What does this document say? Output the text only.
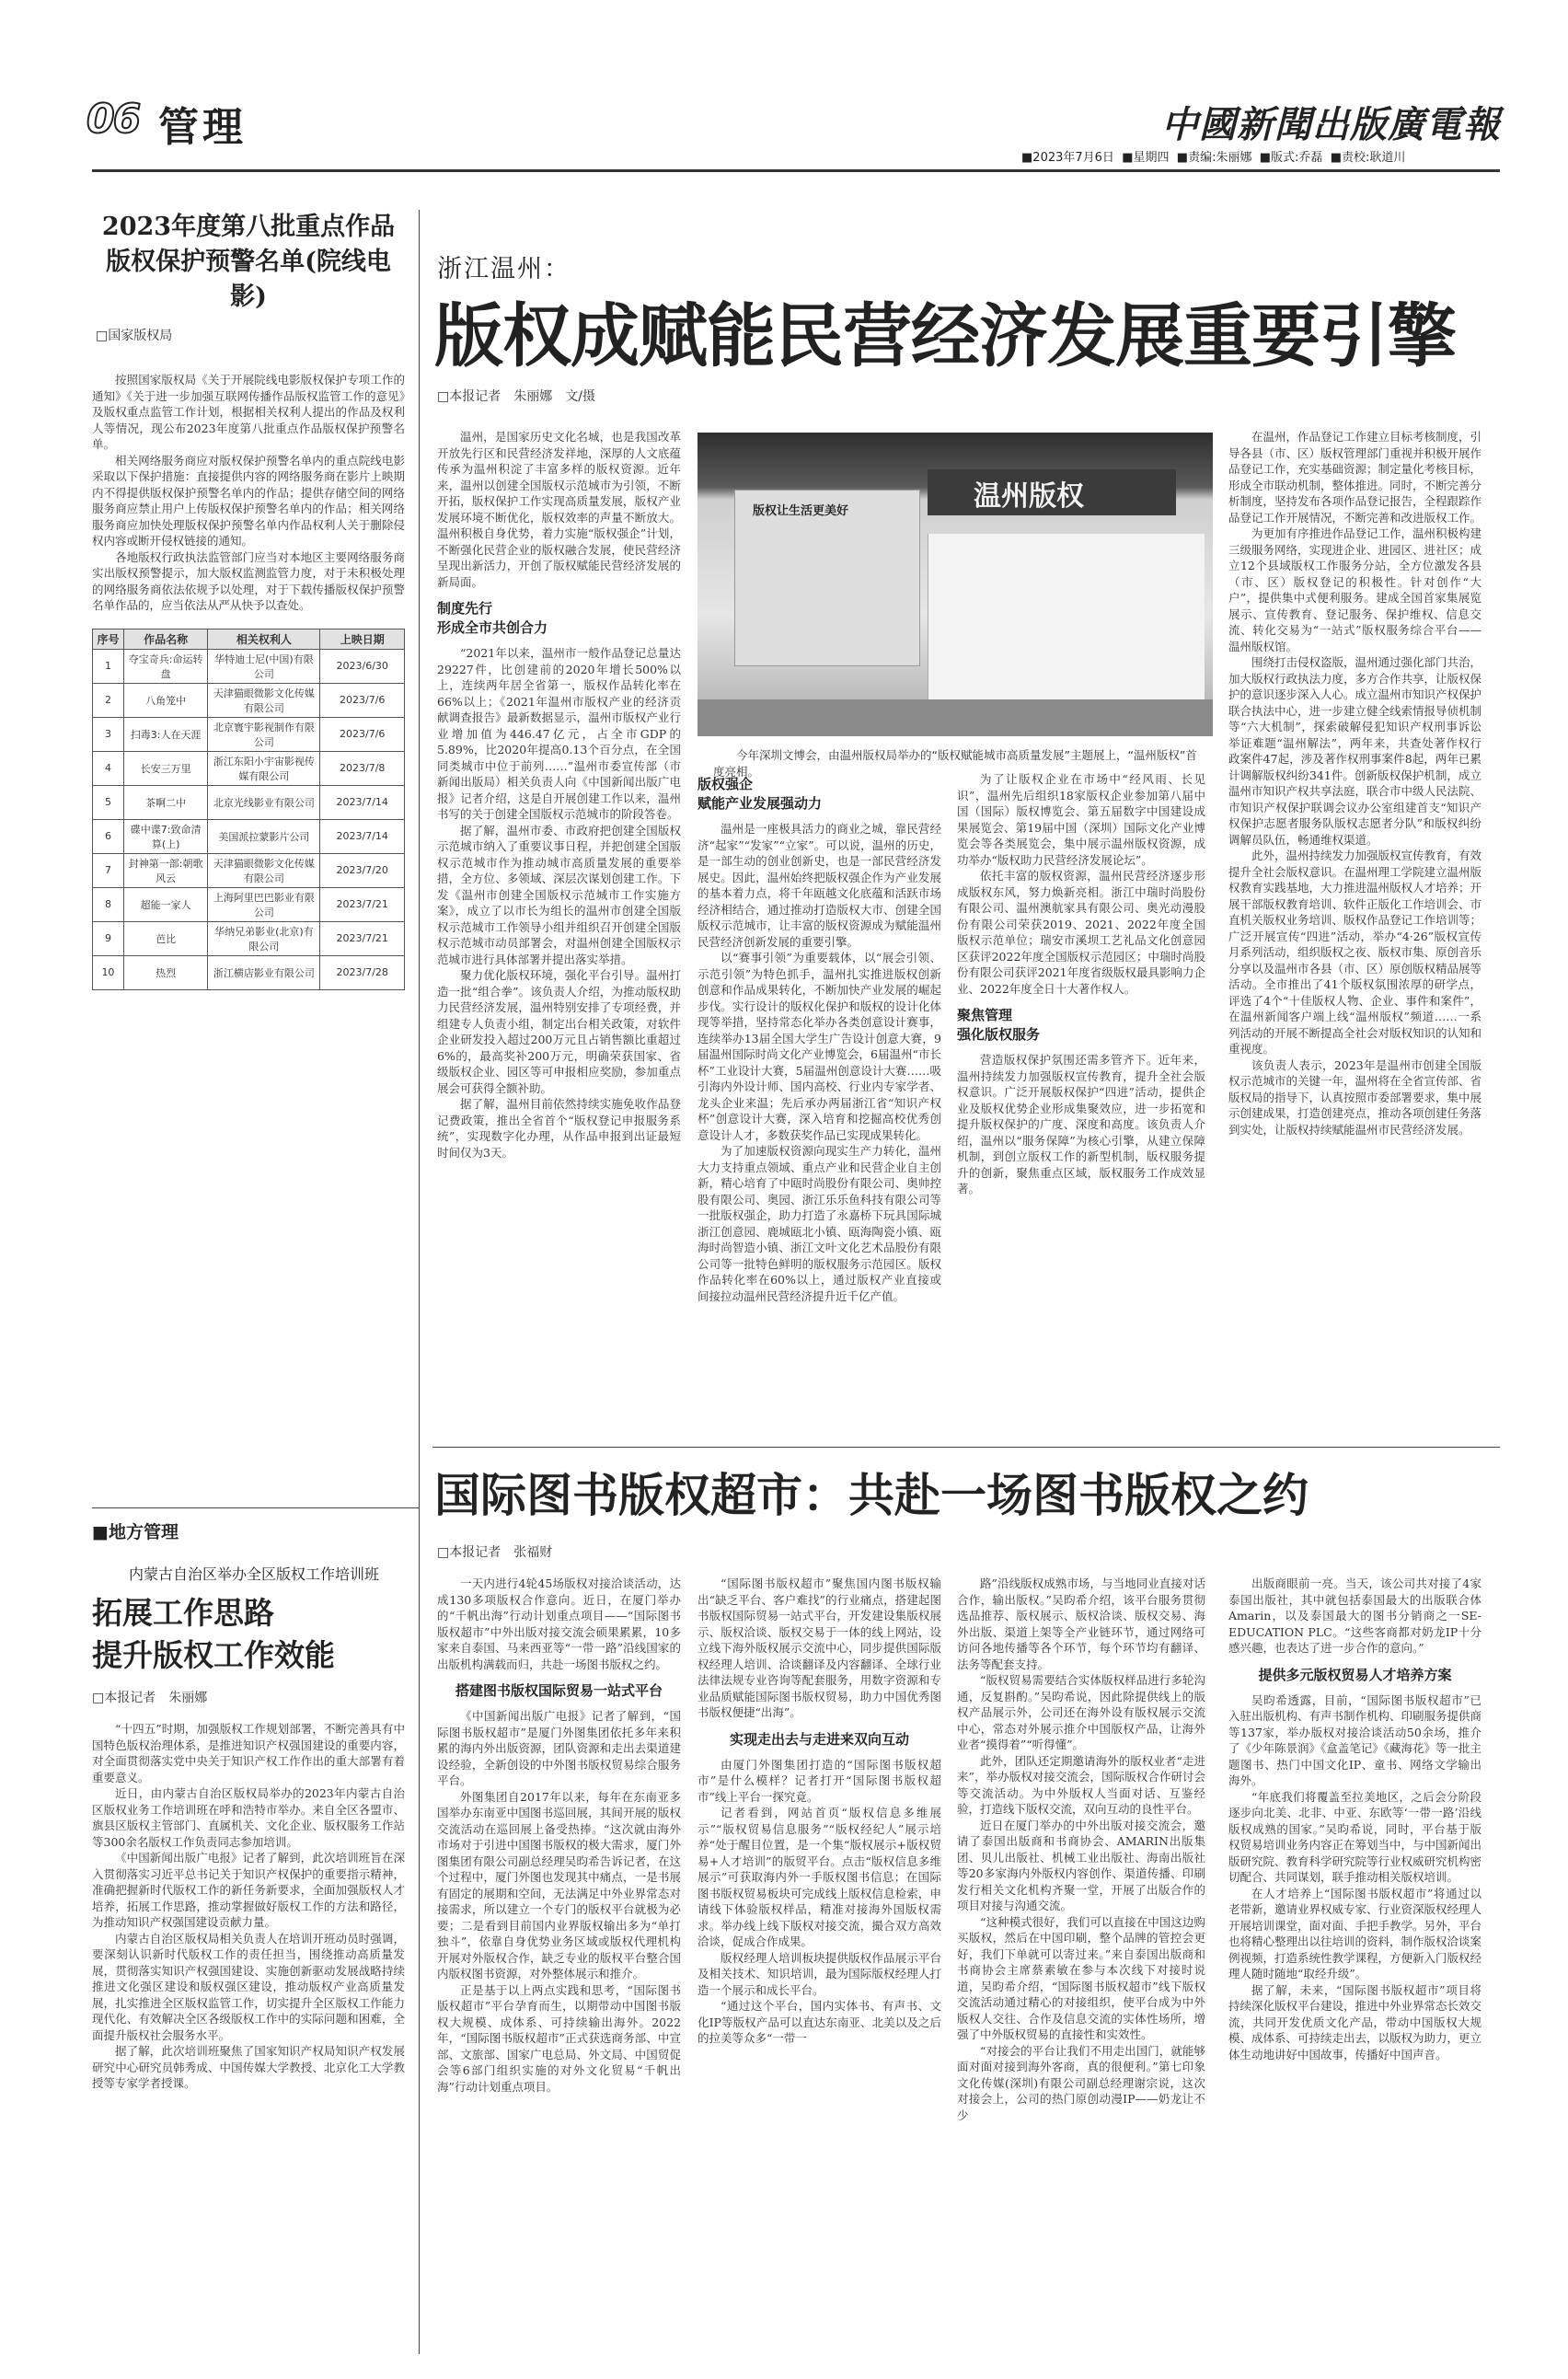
06 管理	中國新聞出版廣電報
■2023年7月6日 ■星期四 ■责编:朱丽娜 ■版式:乔磊 ■责校:耿道川
2023年度第八批重点作品
版权保护预警名单(院线电影)
□国家版权局

按照国家版权局《关于开展院线电影版权保护专项工作的通知》《关于进一步加强互联网传播作品版权监管工作的意见》及版权重点监管工作计划，根据相关权利人提出的作品及权利人等情况，现公布2023年度第八批重点作品版权保护预警名单。

相关网络服务商应对版权保护预警名单内的重点院线电影采取以下保护措施：直接提供内容的网络服务商在影片上映期内不得提供版权保护预警名单内的作品；提供存储空间的网络服务商应禁止用户上传版权保护预警名单内的作品；相关网络服务商应加快处理版权保护预警名单内作品权利人关于删除侵权内容或断开侵权链接的通知。

各地版权行政执法监管部门应当对本地区主要网络服务商实出版权预警提示，加大版权监测监管力度，对于未积极处理的网络服务商依法依规予以处理，对于下载传播版权保护预警名单作品的，应当依法从严从快予以查处。

序号	作品名称	相关权利人	上映日期
1	夺宝奇兵:命运转盘	华特迪士尼(中国)有限公司	2023/6/30
2	八角笼中	天津猫眼微影文化传媒有限公司	2023/7/6
3	扫毒3:人在天涯	北京寰宇影视制作有限公司	2023/7/6
4	长安三万里	浙江东阳小宇宙影视传媒有限公司	2023/7/8
5	茶啊二中	北京光线影业有限公司	2023/7/14
6	碟中谍7:致命清算(上)	美国派拉蒙影片公司	2023/7/14
7	封神第一部:朝歌风云	天津猫眼微影文化传媒有限公司	2023/7/20
8	超能一家人	上海阿里巴巴影业有限公司	2023/7/21
9	芭比	华纳兄弟影业(北京)有限公司	2023/7/21
10	热烈	浙江横店影业有限公司	2023/7/28
■地方管理
内蒙古自治区举办全区版权工作培训班
拓展工作思路
提升版权工作效能
□本报记者　朱丽娜

“十四五”时期，加强版权工作规划部署，不断完善具有中国特色版权治理体系，是推进知识产权强国建设的重要内容，对全面贯彻落实党中央关于知识产权工作作出的重大部署有着重要意义。

近日，由内蒙古自治区版权局举办的2023年内蒙古自治区版权业务工作培训班在呼和浩特市举办。来自全区各盟市、旗县区版权主管部门、直属机关、文化企业、版权服务工作站等300余名版权工作负责同志参加培训。

《中国新闻出版广电报》记者了解到，此次培训班旨在深入贯彻落实习近平总书记关于知识产权保护的重要指示精神，准确把握新时代版权工作的新任务新要求，全面加强版权人才培养，拓展工作思路，推动掌握做好版权工作的方法和路径，为推动知识产权强国建设贡献力量。

内蒙古自治区版权局相关负责人在培训开班动员时强调，要深刻认识新时代版权工作的责任担当，围绕推动高质量发展，贯彻落实知识产权强国建设、实施创新驱动发展战略持续推进文化强区建设和版权强区建设，推动版权产业高质量发展，扎实推进全区版权监管工作，切实提升全区版权工作能力现代化、有效解决全区各级版权工作中的实际问题和困难，全面提升版权社会服务水平。

据了解，此次培训班聚焦了国家知识产权局知识产权发展研究中心研究员韩秀成、中国传媒大学教授、北京化工大学教授等专家学者授课。

浙江温州：
版权成赋能民营经济发展重要引擎
□本报记者　朱丽娜　文/摄

温州，是国家历史文化名城，也是我国改革开放先行区和民营经济发祥地，深厚的人文底蕴传承为温州积淀了丰富多样的版权资源。近年来，温州以创建全国版权示范城市为引领，不断开拓，版权保护工作实现高质量发展，版权产业发展环境不断优化，版权效率的声量不断放大。温州积极自身优势，着力实施“版权强企”计划，不断强化民营企业的版权融合发展，使民营经济呈现出新活力，开创了版权赋能民营经济发展的新局面。

制度先行
形成全市共创合力

“2021年以来，温州市一般作品登记总量达29227件，比创建前的2020年增长500%以上，连续两年居全省第一，版权作品转化率在66%以上；《2021年温州市版权产业的经济贡献调查报告》最新数据显示，温州市版权产业行业增加值为446.47亿元，占全市GDP的5.89%，比2020年提高0.13个百分点，在全国同类城市中位于前列……”温州市委宣传部（市新闻出版局）相关负责人向《中国新闻出版广电报》记者介绍，这是自开展创建工作以来，温州书写的关于创建全国版权示范城市的阶段答卷。

据了解，温州市委、市政府把创建全国版权示范城市纳入了重要议事日程，并把创建全国版权示范城市作为推动城市高质量发展的重要举措，全方位、多领域、深层次谋划创建工作。下发《温州市创建全国版权示范城市工作实施方案》，成立了以市长为组长的温州市创建全国版权示范城市工作领导小组并组织召开创建全国版权示范城市动员部署会，对温州创建全国版权示范城市进行具体部署并提出落实举措。

聚力优化版权环境，强化平台引导。温州打造一批“组合拳”。该负责人介绍，为推动版权助力民营经济发展，温州特别安排了专项经费，并组建专人负责小组，制定出台相关政策，对软件企业研发投入超过200万元且占销售额比重超过6%的，最高奖补200万元，明确荣获国家、省级版权企业、园区等可申报相应奖励，参加重点展会可获得全额补助。

据了解，温州目前依然持续实施免收作品登记费政策，推出全省首个“版权登记申报服务系统”，实现数字化办理，从作品申报到出证最短时间仅为3天。

版权让生活更美好	温州版权
今年深圳文博会，由温州版权局举办的“版权赋能城市高质量发展”主题展上，“温州版权”首度亮相。
版权强企
赋能产业发展强动力

温州是一座极具活力的商业之城，靠民营经济“起家”“发家”“立家”。可以说，温州的历史，是一部生动的创业创新史，也是一部民营经济发展史。因此，温州始终把版权强企作为产业发展的基本着力点，将千年瓯越文化底蕴和活跃市场经济相结合，通过推动打造版权大市、创建全国版权示范城市，让丰富的版权资源成为赋能温州民营经济创新发展的重要引擎。

以“赛事引领”为重要载体，以“展会引领、示范引领”为特色抓手，温州扎实推进版权创新创意和作品成果转化，不断加快产业发展的崛起步伐。实行设计的版权化保护和版权的设计化体现等举措，坚持常态化举办各类创意设计赛事，连续举办13届全国大学生广告设计创意大赛，9届温州国际时尚文化产业博览会，6届温州“市长杯”工业设计大赛，5届温州创意设计大赛……吸引海内外设计师、国内高校、行业内专家学者、龙头企业来温；先后承办两届浙江省“知识产权杯”创意设计大赛，深入培育和挖掘高校优秀创意设计人才，多数获奖作品已实现成果转化。

为了加速版权资源向现实生产力转化，温州大力支持重点领域、重点产业和民营企业自主创新，精心培育了中瓯时尚股份有限公司、奥帅控股有限公司、奥园、浙江乐乐鱼科技有限公司等一批版权强企，助力打造了永嘉桥下玩具国际城浙江创意园、鹿城瓯北小镇、瓯海陶瓷小镇、瓯海时尚智造小镇、浙江文叶文化艺术品股份有限公司等一批特色鲜明的版权服务示范园区。版权作品转化率在60%以上，通过版权产业直接或间接拉动温州民营经济提升近千亿产值。

为了让版权企业在市场中“经风雨、长见识”，温州先后组织18家版权企业参加第八届中国（国际）版权博览会、第五届数字中国建设成果展览会、第19届中国（深圳）国际文化产业博览会等各类展览会，集中展示温州版权资源，成功举办“版权助力民营经济发展论坛”。

依托丰富的版权资源，温州民营经济逐步形成版权东风，努力焕新亮相。浙江中瑞时尚股份有限公司、温州澳航家具有限公司、奥光动漫股份有限公司荣获2019、2021、2022年度全国版权示范单位；瑞安市溪坝工艺礼品文化创意园区获评2022年度全国版权示范园区；中瑞时尚股份有限公司获评2021年度省级版权最具影响力企业、2022年度全日十大著作权人。

聚焦管理
强化版权服务

营造版权保护氛围还需多管齐下。近年来，温州持续发力加强版权宣传教育，提升全社会版权意识。广泛开展版权保护“四进”活动，提供企业及版权优势企业形成集聚效应，进一步拓宽和提升版权保护的广度、深度和高度。该负责人介绍，温州以“服务保障”为核心引擎，从建立保障机制，到创立版权工作的新型机制，版权服务提升的创新，聚焦重点区域，版权服务工作成效显著。

在温州，作品登记工作建立目标考核制度，引导各县（市、区）版权管理部门重视并积极开展作品登记工作，充实基础资源；制定量化考核目标，形成全市联动机制，整体推进。同时，不断完善分析制度，坚持发布各项作品登记报告，全程跟踪作品登记工作开展情况，不断完善和改进版权工作。

为更加有序推进作品登记工作，温州积极构建三级服务网络，实现进企业、进园区、进社区；成立12个县域版权工作服务分站，全方位激发各县（市、区）版权登记的积极性。针对创作“大户”，提供集中式便利服务。建成全国首家集展览展示、宣传教育、登记服务、保护维权、信息交流、转化交易为“一站式”版权服务综合平台——温州版权馆。

围绕打击侵权盗版，温州通过强化部门共治，加大版权行政执法力度，多方合作共享，让版权保护的意识逐步深入人心。成立温州市知识产权保护联合执法中心，进一步建立健全线索情报导侦机制等“六大机制”，探索破解侵犯知识产权刑事诉讼举证难题“温州解法”，两年来，共查处著作权行政案件47起，涉及著作权刑事案件8起，两年已累计调解版权纠纷341件。创新版权保护机制，成立温州市知识产权共享法庭，联合市中级人民法院、市知识产权保护联调会议办公室组建首支“知识产权保护志愿者服务队版权志愿者分队”和版权纠纷调解员队伍，畅通维权渠道。

此外，温州持续发力加强版权宣传教育，有效提升全社会版权意识。在温州理工学院建立温州版权教育实践基地，大力推进温州版权人才培养；开展干部版权教育培训、软件正版化工作培训会、市直机关版权业务培训、版权作品登记工作培训等；广泛开展宣传“四进”活动，举办“4·26”版权宣传月系列活动，组织版权之夜、版权市集、原创音乐分享以及温州市各县（市、区）原创版权精品展等活动。全市推出了41个版权氛围浓厚的研学点，评选了4个“十佳版权人物、企业、事件和案件”，在温州新闻客户端上线“温州版权”频道……一系列活动的开展不断提高全社会对版权知识的认知和重视度。

该负责人表示，2023年是温州市创建全国版权示范城市的关键一年，温州将在全省宣传部、省版权局的指导下，认真按照市委部署要求，集中展示创建成果，打造创建亮点，推动各项创建任务落到实处，让版权持续赋能温州市民营经济发展。

国际图书版权超市：共赴一场图书版权之约
□本报记者　张福财

一天内进行4轮45场版权对接洽谈活动，达成130多项版权合作意向。近日，在厦门举办的“千帆出海”行动计划重点项目——“国际图书版权超市”中外出版对接交流会硕果累累，10多家来自泰国、马来西亚等“一带一路”沿线国家的出版机构满载而归，共赴一场图书版权之约。

搭建图书版权国际贸易一站式平台

《中国新闻出版广电报》记者了解到，“国际图书版权超市”是厦门外图集团依托多年来积累的海内外出版资源，团队资源和走出去渠道建设经验，全新创设的中外图书版权贸易综合服务平台。

外图集团自2017年以来，每年在东南亚多国举办东南亚中国图书巡回展，其间开展的版权交流活动在巡回展上备受热捧。“这次就由海外市场对于引进中国图书版权的极大需求，厦门外图集团有限公司副总经理吴昀希告诉记者，在这个过程中，厦门外图也发现其中痛点，一是书展有固定的展期和空间，无法满足中外业界常态对接需求，所以建立一个专门的版权平台就极为必要；二是看到目前国内业界版权输出多为“单打独斗”，依靠自身优势业务区域或版权代理机构开展对外版权合作，缺乏专业的版权平台整合国内版权图书资源，对外整体展示和推介。

正是基于以上两点实践和思考，“国际图书版权超市”平台孕育而生，以期带动中国图书版权大规模、成体系、可持续输出海外。2022年，“国际图书版权超市”正式获选商务部、中宣部、文旅部、国家广电总局、外文局、中国贸促会等6部门组织实施的对外文化贸易“千帆出海”行动计划重点项目。

“国际图书版权超市”聚焦国内图书版权输出“缺乏平台、客户难找”的行业痛点，搭建起图书版权国际贸易一站式平台，开发建设集版权展示、版权洽谈、版权交易于一体的线上网站，设立线下海外版权展示交流中心，同步提供国际版权经理人培训、洽谈翻译及内容翻译、全球行业法律法规专业咨询等配套服务，用数字资源和专业品质赋能国际图书版权贸易，助力中国优秀图书版权便捷“出海”。

实现走出去与走进来双向互动

由厦门外图集团打造的“国际图书版权超市”是什么模样？记者打开“国际图书版权超市”线上平台一探究竟。

记者看到，网站首页“版权信息多维展示”“版权贸易信息服务”“版权经纪人”展示培养“处于醒目位置，是一个集“版权展示+版权贸易+人才培训”的版贸平台。点击“版权信息多维展示”可获取海内外一手版权图书信息；在国际图书版权贸易板块可完成线上版权信息检索，申请线下体验版权样品，精准对接海外国版权需求。举办线上线下版权对接交流，撮合双方高效洽谈，促成合作成果。

版权经理人培训板块提供版权作品展示平台及相关技术、知识培训，最为国际版权经理人打造一个展示和成长平台。

“通过这个平台，国内实体书、有声书、文化IP等版权产品可以直达东南亚、北美以及之后的拉美等众多“一带一

路”沿线版权成熟市场，与当地同业直接对话合作，输出版权。”吴昀希介绍，该平台服务贯彻选品推荐、版权展示、版权洽谈、版权交易、海外出版、渠道上架等全产业链环节，通过网络可访问各地传播等各个环节，每个环节均有翻译、法务等配套支持。

“版权贸易需要结合实体版权样品进行多轮沟通，反复斟酌。”吴昀希说，因此除提供线上的版权产品展示外，公司还在海外设有版权展示交流中心，常态对外展示推介中国版权产品，让海外业者“摸得着”“听得懂”。

此外，团队还定期邀请海外的版权业者“走进来”，举办版权对接交流会，国际版权合作研讨会等交流活动。为中外版权人当面对话、互鉴经验，打造线下版权交流，双向互动的良性平台。

近日在厦门举办的中外出版对接交流会，邀请了泰国出版商和书商协会、AMARIN出版集团、贝儿出版社、机械工业出版社、海南出版社等20多家海内外版权内容创作、渠道传播、印刷发行相关文化机构齐聚一堂，开展了出版合作的项目对接与沟通交流。

“这种模式很好，我们可以直接在中国这边购买版权，然后在中国印刷，整个品牌的管控会更好，我们下单就可以寄过来。”来自泰国出版商和书商协会主席蔡素敏在参与本次线下对接时说道，吴昀希介绍，“国际图书版权超市”线下版权交流活动通过精心的对接组织，使平台成为中外版权人交往、合作及信息交流的实体性场所，增强了中外版权贸易的直接性和实效性。

“对接会的平台让我们不用走出国门，就能够面对面对接到海外客商，真的很便利。”第七印象文化传媒(深圳)有限公司副总经理谢宗说，这次对接会上，公司的热门原创动漫IP——奶龙让不少

出版商眼前一亮。当天，该公司共对接了4家泰国出版社，其中就包括泰国最大的出版联合体Amarin，以及泰国最大的图书分销商之一SE-EDUCATION PLC。“这些客商都对奶龙IP十分感兴趣，也表达了进一步合作的意向。”

提供多元版权贸易人才培养方案

吴昀希透露，目前，“国际图书版权超市”已入驻出版机构、有声书制作机构、印刷服务提供商等137家，举办版权对接洽谈活动50余场，推介了《少年陈景润》《盒盖笔记》《藏海花》等一批主题图书、热门中国文化IP、童书、网络文学输出海外。

“年底我们将覆盖至拉美地区，之后会分阶段逐步向北美、北非、中亚、东欧等‘一带一路’沿线版权成熟的国家。”吴昀希说，同时，平台基于版权贸易培训业务内容正在筹划当中，与中国新闻出版研究院、教育科学研究院等行业权威研究机构密切配合、共同谋划，联手推动相关版权培训。

在人才培养上“国际图书版权超市”将通过以老带新，邀请业界权威专家、行业资深版权经理人开展培训课堂，面对面、手把手教学。另外，平台也将精心整理出以往培训的资料，制作版权洽谈案例视频，打造系统性教学课程，方便新入门版权经理人随时随地“取经升级”。

据了解，未来，“国际图书版权超市”项目将持续深化版权平台建设，推进中外业界常态长效交流，共同开发优质文化产品，带动中国版权大规模、成体系、可持续走出去，以版权为助力，更立体生动地讲好中国故事，传播好中国声音。
